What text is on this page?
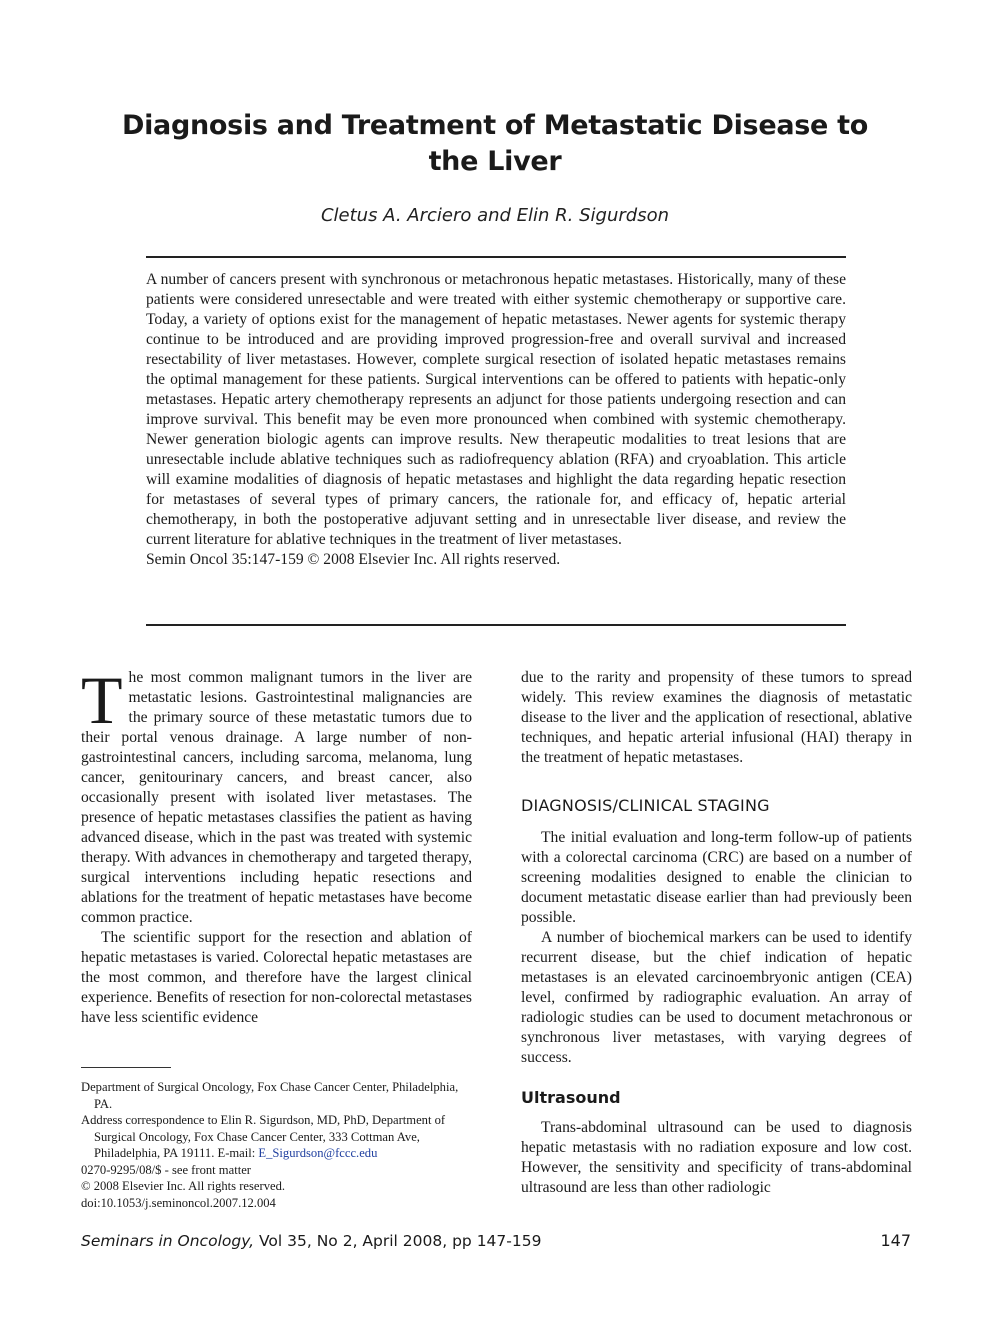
Diagnosis and Treatment of Metastatic Disease to the Liver
Cletus A. Arciero and Elin R. Sigurdson

A number of cancers present with synchronous or metachronous hepatic metastases. Historically, many of these patients were considered unresectable and were treated with either systemic chemotherapy or supportive care. Today, a variety of options exist for the management of hepatic metastases. Newer agents for systemic therapy continue to be introduced and are providing improved progression-free and overall survival and increased resectability of liver metastases. However, complete surgical resection of isolated hepatic metastases remains the optimal management for these patients. Surgical interventions can be offered to patients with hepatic-only metastases. Hepatic artery chemotherapy represents an adjunct for those patients undergoing resection and can improve survival. This benefit may be even more pronounced when combined with systemic chemotherapy. Newer generation biologic agents can improve results. New therapeutic modalities to treat lesions that are unresectable include ablative techniques such as radiofrequency ablation (RFA) and cryoablation. This article will examine modalities of diagnosis of hepatic metastases and highlight the data regarding hepatic resection for metastases of several types of primary cancers, the rationale for, and efficacy of, hepatic arterial chemotherapy, in both the postoperative adjuvant setting and in unresectable liver disease, and review the current literature for ablative techniques in the treatment of liver metastases.

Semin Oncol 35:147-159 © 2008 Elsevier Inc. All rights reserved.

The most common malignant tumors in the liver are metastatic lesions. Gastrointestinal malignancies are the primary source of these metastatic tumors due to their portal venous drainage. A large number of non-gastrointestinal cancers, including sarcoma, melanoma, lung cancer, genitourinary cancers, and breast cancer, also occasionally present with isolated liver metastases. The presence of hepatic metastases classifies the patient as having advanced disease, which in the past was treated with systemic therapy. With advances in chemotherapy and targeted therapy, surgical interventions including hepatic resections and ablations for the treatment of hepatic metastases have become common practice.

The scientific support for the resection and ablation of hepatic metastases is varied. Colorectal hepatic metastases are the most common, and therefore have the largest clinical experience. Benefits of resection for non-colorectal metastases have less scientific evidence

due to the rarity and propensity of these tumors to spread widely. This review examines the diagnosis of metastatic disease to the liver and the application of resectional, ablative techniques, and hepatic arterial infusional (HAI) therapy in the treatment of hepatic metastases.

DIAGNOSIS/CLINICAL STAGING

The initial evaluation and long-term follow-up of patients with a colorectal carcinoma (CRC) are based on a number of screening modalities designed to enable the clinician to document metastatic disease earlier than had previously been possible.

A number of biochemical markers can be used to identify recurrent disease, but the chief indication of hepatic metastases is an elevated carcinoembryonic antigen (CEA) level, confirmed by radiographic evaluation. An array of radiologic studies can be used to document metachronous or synchronous liver metastases, with varying degrees of success.

Ultrasound

Trans-abdominal ultrasound can be used to diagnosis hepatic metastasis with no radiation exposure and low cost. However, the sensitivity and specificity of trans-abdominal ultrasound are less than other radiologic

Department of Surgical Oncology, Fox Chase Cancer Center, Philadelphia, PA.

Address correspondence to Elin R. Sigurdson, MD, PhD, Department of Surgical Oncology, Fox Chase Cancer Center, 333 Cottman Ave, Philadelphia, PA 19111. E-mail: E_Sigurdson@fccc.edu

0270-9295/08/$ - see front matter

© 2008 Elsevier Inc. All rights reserved.

doi:10.1053/j.seminoncol.2007.12.004

Seminars in Oncology, Vol 35, No 2, April 2008, pp 147-159	147
